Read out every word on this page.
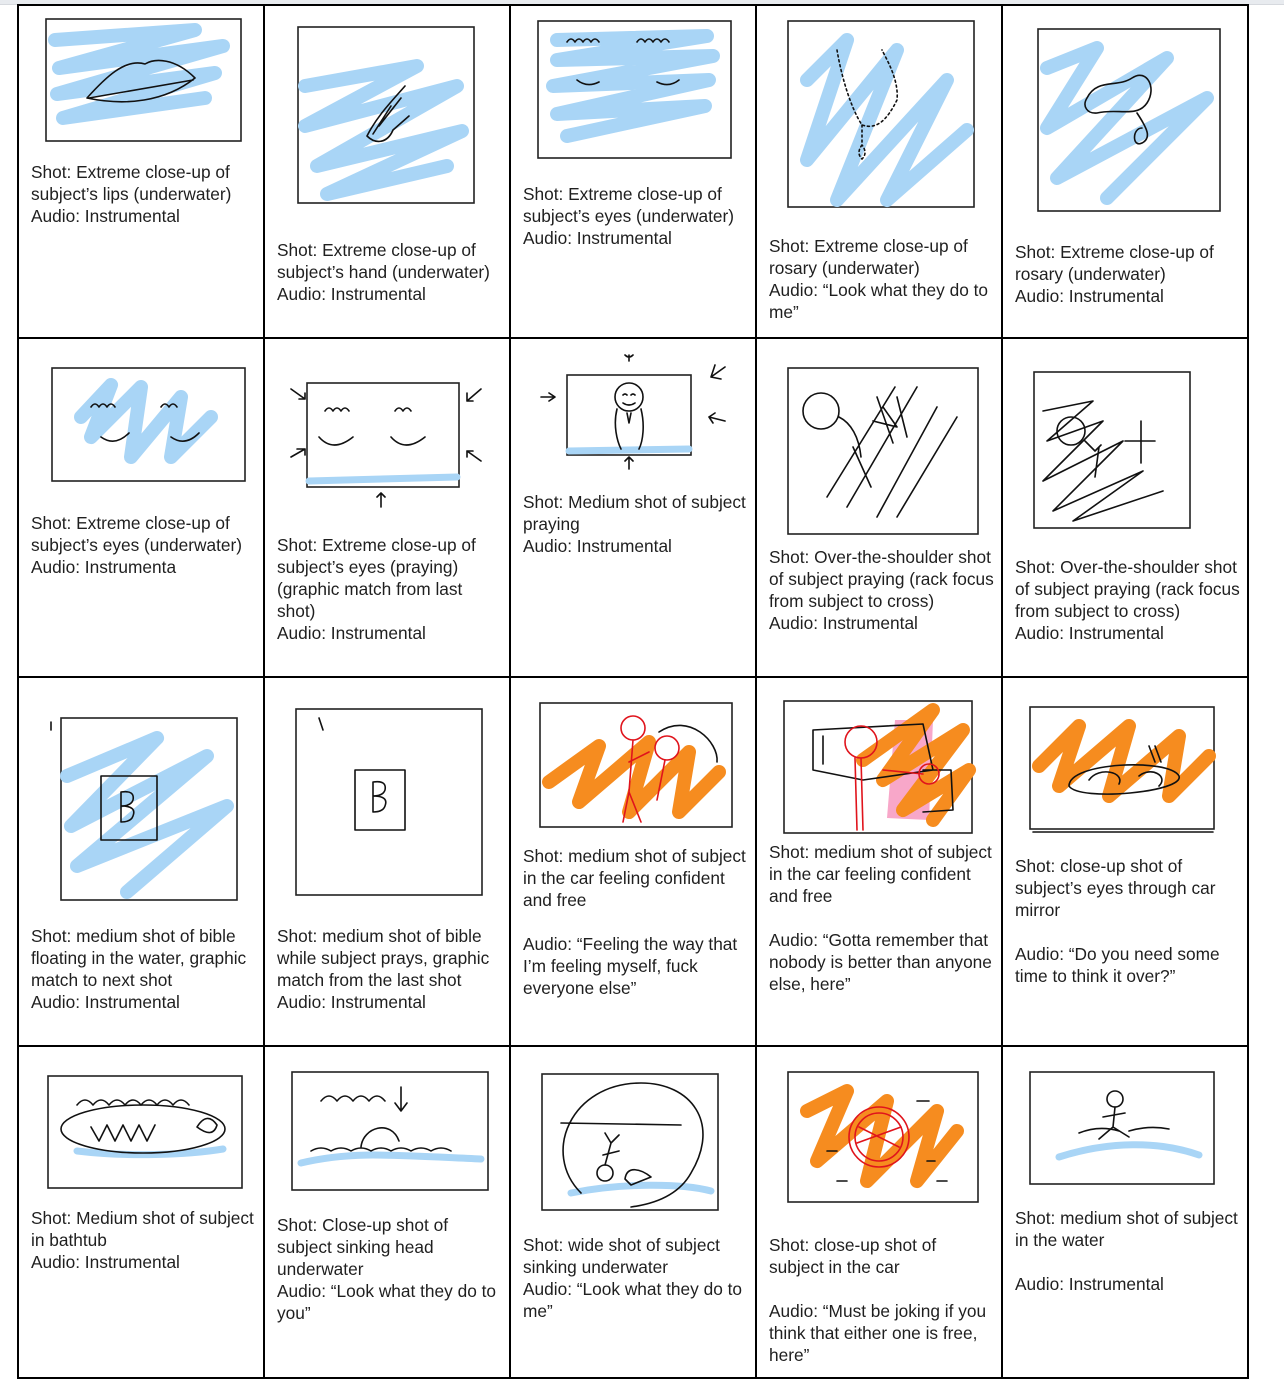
Shot: Extreme close-up of subject’s lips (underwater)
Audio: Instrumental	Shot: Extreme close-up of subject’s hand (underwater)
Audio: Instrumental	Shot: Extreme close-up of subject’s eyes (underwater)
Audio: Instrumental	Shot: Extreme close-up of rosary (underwater)
Audio: “Look what they do to me”	Shot: Extreme close-up of rosary (underwater)
Audio: Instrumental

Shot: Extreme close-up of subject’s eyes (underwater)
Audio: Instrumenta	Shot: Extreme close-up of subject’s eyes (praying) (graphic match from last shot)
Audio: Instrumental	Shot: Medium shot of subject praying
Audio: Instrumental	Shot: Over-the-shoulder shot of subject praying (rack focus from subject to cross)
Audio: Instrumental	Shot: Over-the-shoulder shot of subject praying (rack focus from subject to cross)
Audio: Instrumental

Shot: medium shot of bible floating in the water, graphic match to next shot
Audio: Instrumental	Shot: medium shot of bible while subject prays, graphic match from the last shot
Audio: Instrumental	Shot: medium shot of subject in the car feeling confident and free

Audio: “Feeling the way that I’m feeling myself, fuck everyone else”	Shot: medium shot of subject in the car feeling confident and free

Audio: “Gotta remember that nobody is better than anyone else, here”	Shot: close-up shot of subject’s eyes through car mirror

Audio: “Do you need some time to think it over?”

Shot: Medium shot of subject in bathtub
Audio: Instrumental	Shot: Close-up shot of subject sinking head underwater
Audio: “Look what they do to you”	Shot: wide shot of subject sinking underwater
Audio: “Look what they do to me”	Shot: close-up shot of subject in the car

Audio: “Must be joking if you think that either one is free, here”	Shot: medium shot of subject in the water

Audio: Instrumental
